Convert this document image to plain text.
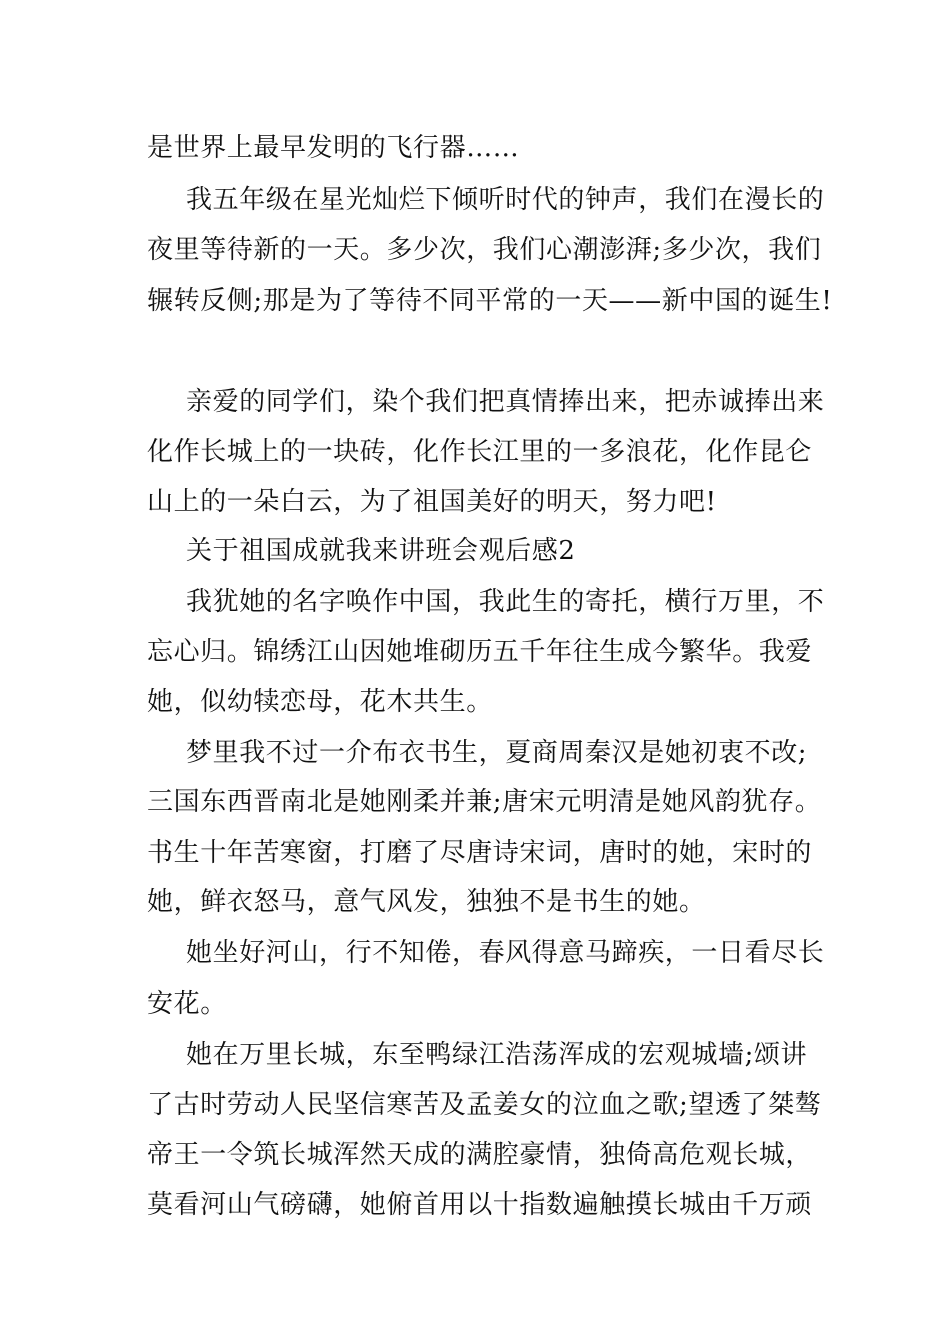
是世界上最早发明的飞行器……
我五年级在星光灿烂下倾听时代的钟声，我们在漫长的
夜里等待新的一天。多少次，我们心潮澎湃;多少次，我们
辗转反侧;那是为了等待不同平常的一天——新中国的诞生!
亲爱的同学们，染个我们把真情捧出来，把赤诚捧出来
化作长城上的一块砖，化作长江里的一多浪花，化作昆仑
山上的一朵白云，为了祖国美好的明天，努力吧!
关于祖国成就我来讲班会观后感2
我犹她的名字唤作中国，我此生的寄托，横行万里，不
忘心归。锦绣江山因她堆砌历五千年往生成今繁华。我爱
她，似幼犊恋母，花木共生。
梦里我不过一介布衣书生，夏商周秦汉是她初衷不改;
三国东西晋南北是她刚柔并兼;唐宋元明清是她风韵犹存。
书生十年苦寒窗，打磨了尽唐诗宋词，唐时的她，宋时的
她，鲜衣怒马，意气风发，独独不是书生的她。
她坐好河山，行不知倦，春风得意马蹄疾，一日看尽长
安花。
她在万里长城，东至鸭绿江浩荡浑成的宏观城墙;颂讲
了古时劳动人民坚信寒苦及孟姜女的泣血之歌;望透了桀骜
帝王一令筑长城浑然天成的满腔豪情，独倚高危观长城，
莫看河山气磅礴，她俯首用以十指数遍触摸长城由千万顽
